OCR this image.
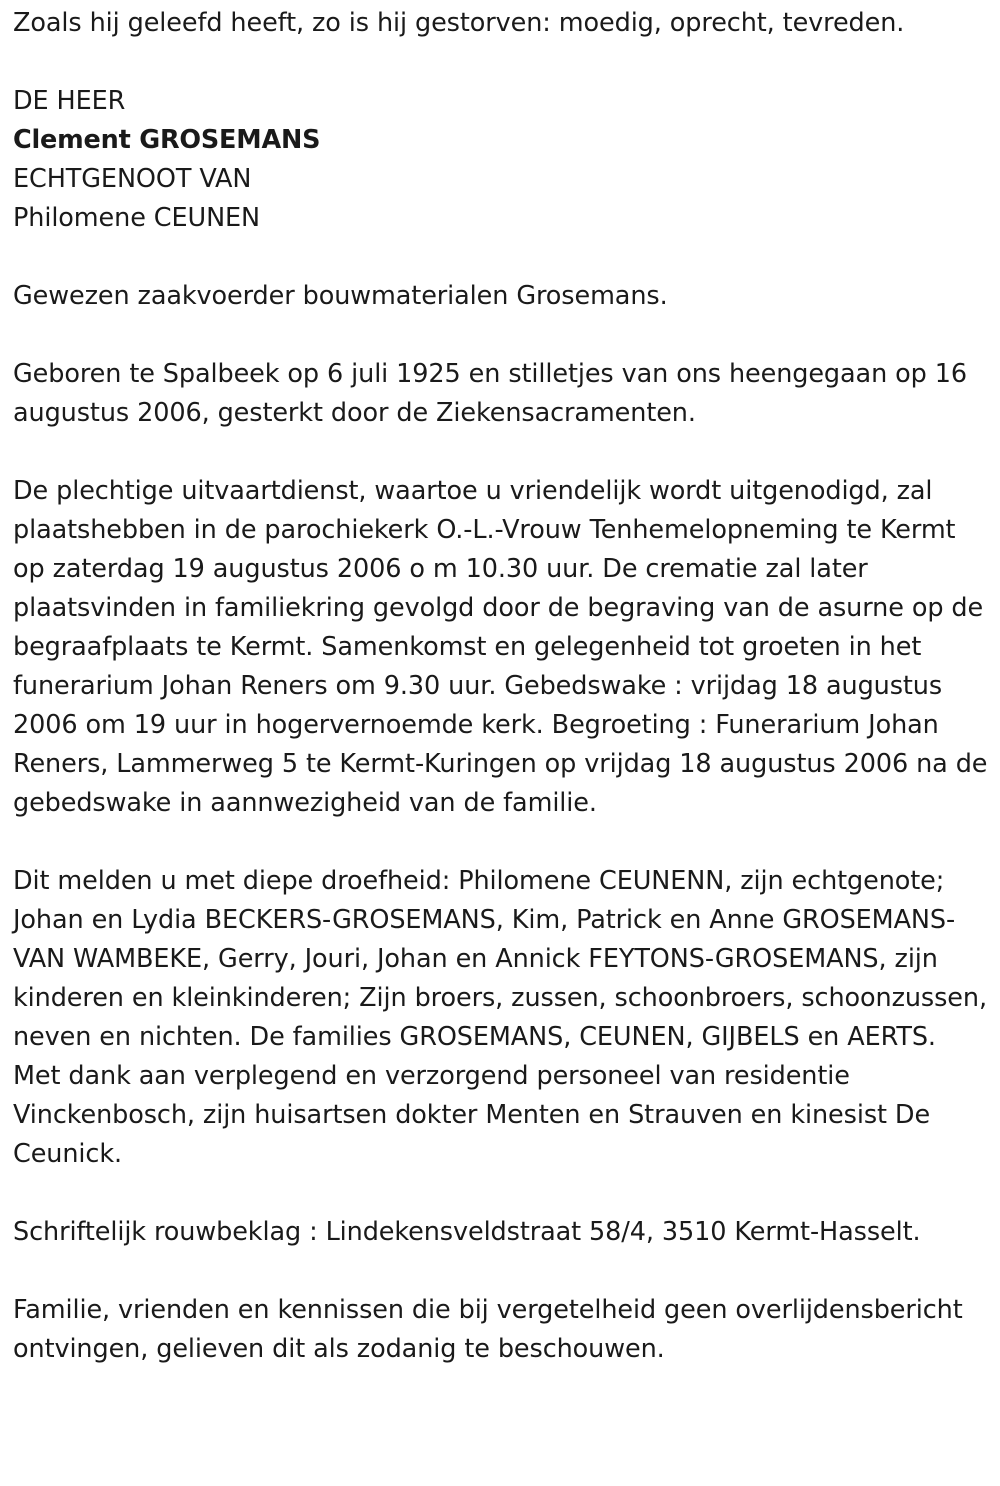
Zoals hij geleefd heeft, zo is hij gestorven: moedig, oprecht, tevreden.

DE HEER

Clement GROSEMANS

ECHTGENOOT VAN

Philomene CEUNEN

Gewezen zaakvoerder bouwmaterialen Grosemans.

Geboren te Spalbeek op 6 juli 1925 en stilletjes van ons heengegaan op 16 augustus 2006, gesterkt door de Ziekensacramenten.

De plechtige uitvaartdienst, waartoe u vriendelijk wordt uitgenodigd, zal plaatshebben in de parochiekerk O.-L.-Vrouw Tenhemelopneming te Kermt op zaterdag 19 augustus 2006 o m 10.30 uur. De crematie zal later plaatsvinden in familiekring gevolgd door de begraving van de asurne op de begraafplaats te Kermt. Samenkomst en gelegenheid tot groeten in het funerarium Johan Reners om 9.30 uur. Gebedswake : vrijdag 18 augustus 2006 om 19 uur in hogervernoemde kerk. Begroeting : Funerarium Johan Reners, Lammerweg 5 te Kermt-Kuringen op vrijdag 18 augustus 2006 na de gebedswake in aannwezigheid van de familie.

Dit melden u met diepe droefheid: Philomene CEUNENN, zijn echtgenote; Johan en Lydia BECKERS-GROSEMANS, Kim, Patrick en Anne GROSEMANS-VAN WAMBEKE, Gerry, Jouri, Johan en Annick FEYTONS-GROSEMANS, zijn kinderen en kleinkinderen; Zijn broers, zussen, schoonbroers, schoonzussen, neven en nichten. De families GROSEMANS, CEUNEN, GIJBELS en AERTS. Met dank aan verplegend en verzorgend personeel van residentie Vinckenbosch, zijn huisartsen dokter Menten en Strauven en kinesist De Ceunick.

Schriftelijk rouwbeklag : Lindekensveldstraat 58/4, 3510 Kermt-Hasselt.

Familie, vrienden en kennissen die bij vergetelheid geen overlijdensbericht ontvingen, gelieven dit als zodanig te beschouwen.
